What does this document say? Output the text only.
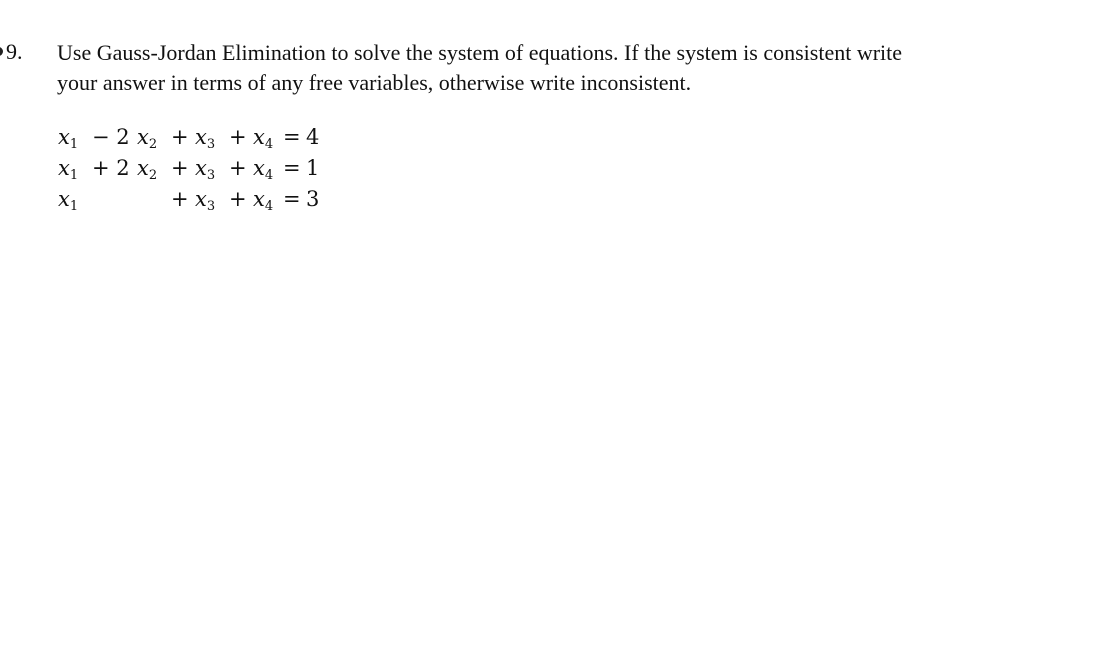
9. Use Gauss-Jordan Elimination to solve the system of equations. If the system is consistent write
your answer in terms of any free variables, otherwise write inconsistent.
$x_1 - 2$ $x_2 + x_3 + x_4 = 4$
$x_1 + 2$ $x_2 + x_3 + x_4 = 1$
$x_1$	+ $x_3 + x_4 = 3$
